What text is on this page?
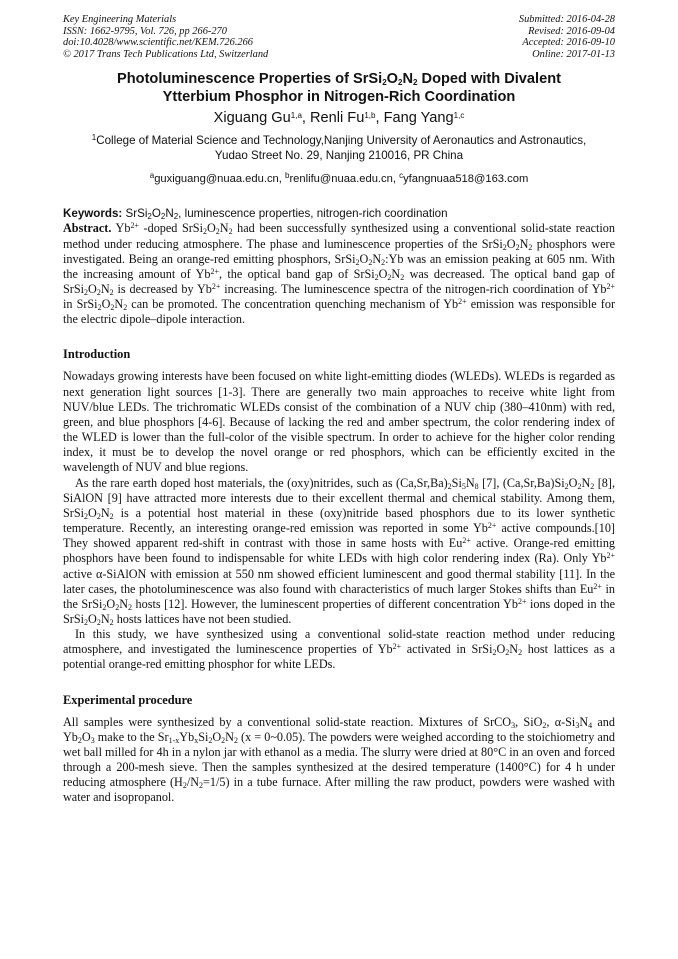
Key Engineering Materials
ISSN: 1662-9795, Vol. 726, pp 266-270
doi:10.4028/www.scientific.net/KEM.726.266
© 2017 Trans Tech Publications Ltd, Switzerland
Submitted: 2016-04-28
Revised: 2016-09-04
Accepted: 2016-09-10
Online: 2017-01-13
Photoluminescence Properties of $SrSi_2O_2N_2$ Doped with Divalent
Ytterbium Phosphor in Nitrogen-Rich Coordination
Xiguang Gu$^{1,a}$, Renli Fu$^{1,b}$, Fang Yang$^{1,c}$
$^1$College of Material Science and Technology,Nanjing University of Aeronautics and Astronautics,
Yudao Street No. 29, Nanjing 210016, PR China
$^a$guxiguang@nuaa.edu.cn, $^b$renlifu@nuaa.edu.cn, $^c$yfangnuaa518@163.com
Keywords: $SrSi_2O_2N_2$, luminescence properties, nitrogen-rich coordination

Abstract. $Yb^{2+}$ -doped $SrSi_2O_2N_2$ had been successfully synthesized using a conventional solid-state reaction method under reducing atmosphere. The phase and luminescence properties of the $SrSi_2O_2N_2$ phosphors were investigated. Being an orange-red emitting phosphors, $SrSi_2O_2N_2:Yb$ was an emission peaking at 605 nm. With the increasing amount of $Yb^{2+}$, the optical band gap of $SrSi_2O_2N_2$ was decreased. The optical band gap of $SrSi_2O_2N_2$ is decreased by $Yb^{2+}$ increasing. The luminescence spectra of the nitrogen-rich coordination of $Yb^{2+}$ in $SrSi_2O_2N_2$ can be promoted. The concentration quenching mechanism of $Yb^{2+}$ emission was responsible for the electric dipole–dipole interaction.

Introduction

Nowadays growing interests have been focused on white light-emitting diodes (WLEDs). WLEDs is regarded as next generation light sources [1-3]. There are generally two main approaches to receive white light from NUV/blue LEDs. The trichromatic WLEDs consist of the combination of a NUV chip (380–410nm) with red, green, and blue phosphors [4-6]. Because of lacking the red and amber spectrum, the color rendering index of the WLED is lower than the full-color of the visible spectrum. In order to achieve for the higher color rending index, it must be to develop the novel orange or red phosphors, which can be efficiently excited in the wavelength of NUV and blue regions.

As the rare earth doped host materials, the (oxy)nitrides, such as $(Ca,Sr,Ba)_2Si_5N_8$ [7], $(Ca,Sr,Ba)Si_2O_2N_2$ [8], SiAlON [9] have attracted more interests due to their excellent thermal and chemical stability. Among them, $SrSi_2O_2N_2$ is a potential host material in these (oxy)nitride based phosphors due to its lower synthetic temperature. Recently, an interesting orange-red emission was reported in some $Yb^{2+}$ active compounds.[10] They showed apparent red-shift in contrast with those in same hosts with $Eu^{2+}$ active. Orange-red emitting phosphors have been found to indispensable for white LEDs with high color rendering index (Ra). Only $Yb^{2+}$ active α-SiAlON with emission at 550 nm showed efficient luminescent and good thermal stability [11]. In the later cases, the photoluminescence was also found with characteristics of much larger Stokes shifts than $Eu^{2+}$ in the $SrSi_2O_2N_2$ hosts [12]. However, the luminescent properties of different concentration $Yb^{2+}$ ions doped in the $SrSi_2O_2N_2$ hosts lattices have not been studied.

In this study, we have synthesized using a conventional solid-state reaction method under reducing atmosphere, and investigated the luminescence properties of $Yb^{2+}$ activated in $SrSi_2O_2N_2$ host lattices as a potential orange-red emitting phosphor for white LEDs.

Experimental procedure

All samples were synthesized by a conventional solid-state reaction. Mixtures of SrCO$_3$, SiO$_2$, $\alpha-Si_3N_4$ and $Yb_2O_3$ make to the $Sr_{1-x}Yb_xSi_2O_2N_2$ (x = 0~0.05). The powders were weighed according to the stoichiometry and wet ball milled for 4h in a nylon jar with ethanol as a media. The slurry were dried at 80°C in an oven and forced through a 200-mesh sieve. Then the samples synthesized at the desired temperature (1400°C) for 4 h under reducing atmosphere $(H_2/N_2=1/5)$ in a tube furnace. After milling the raw product, powders were washed with water and isopropanol.
